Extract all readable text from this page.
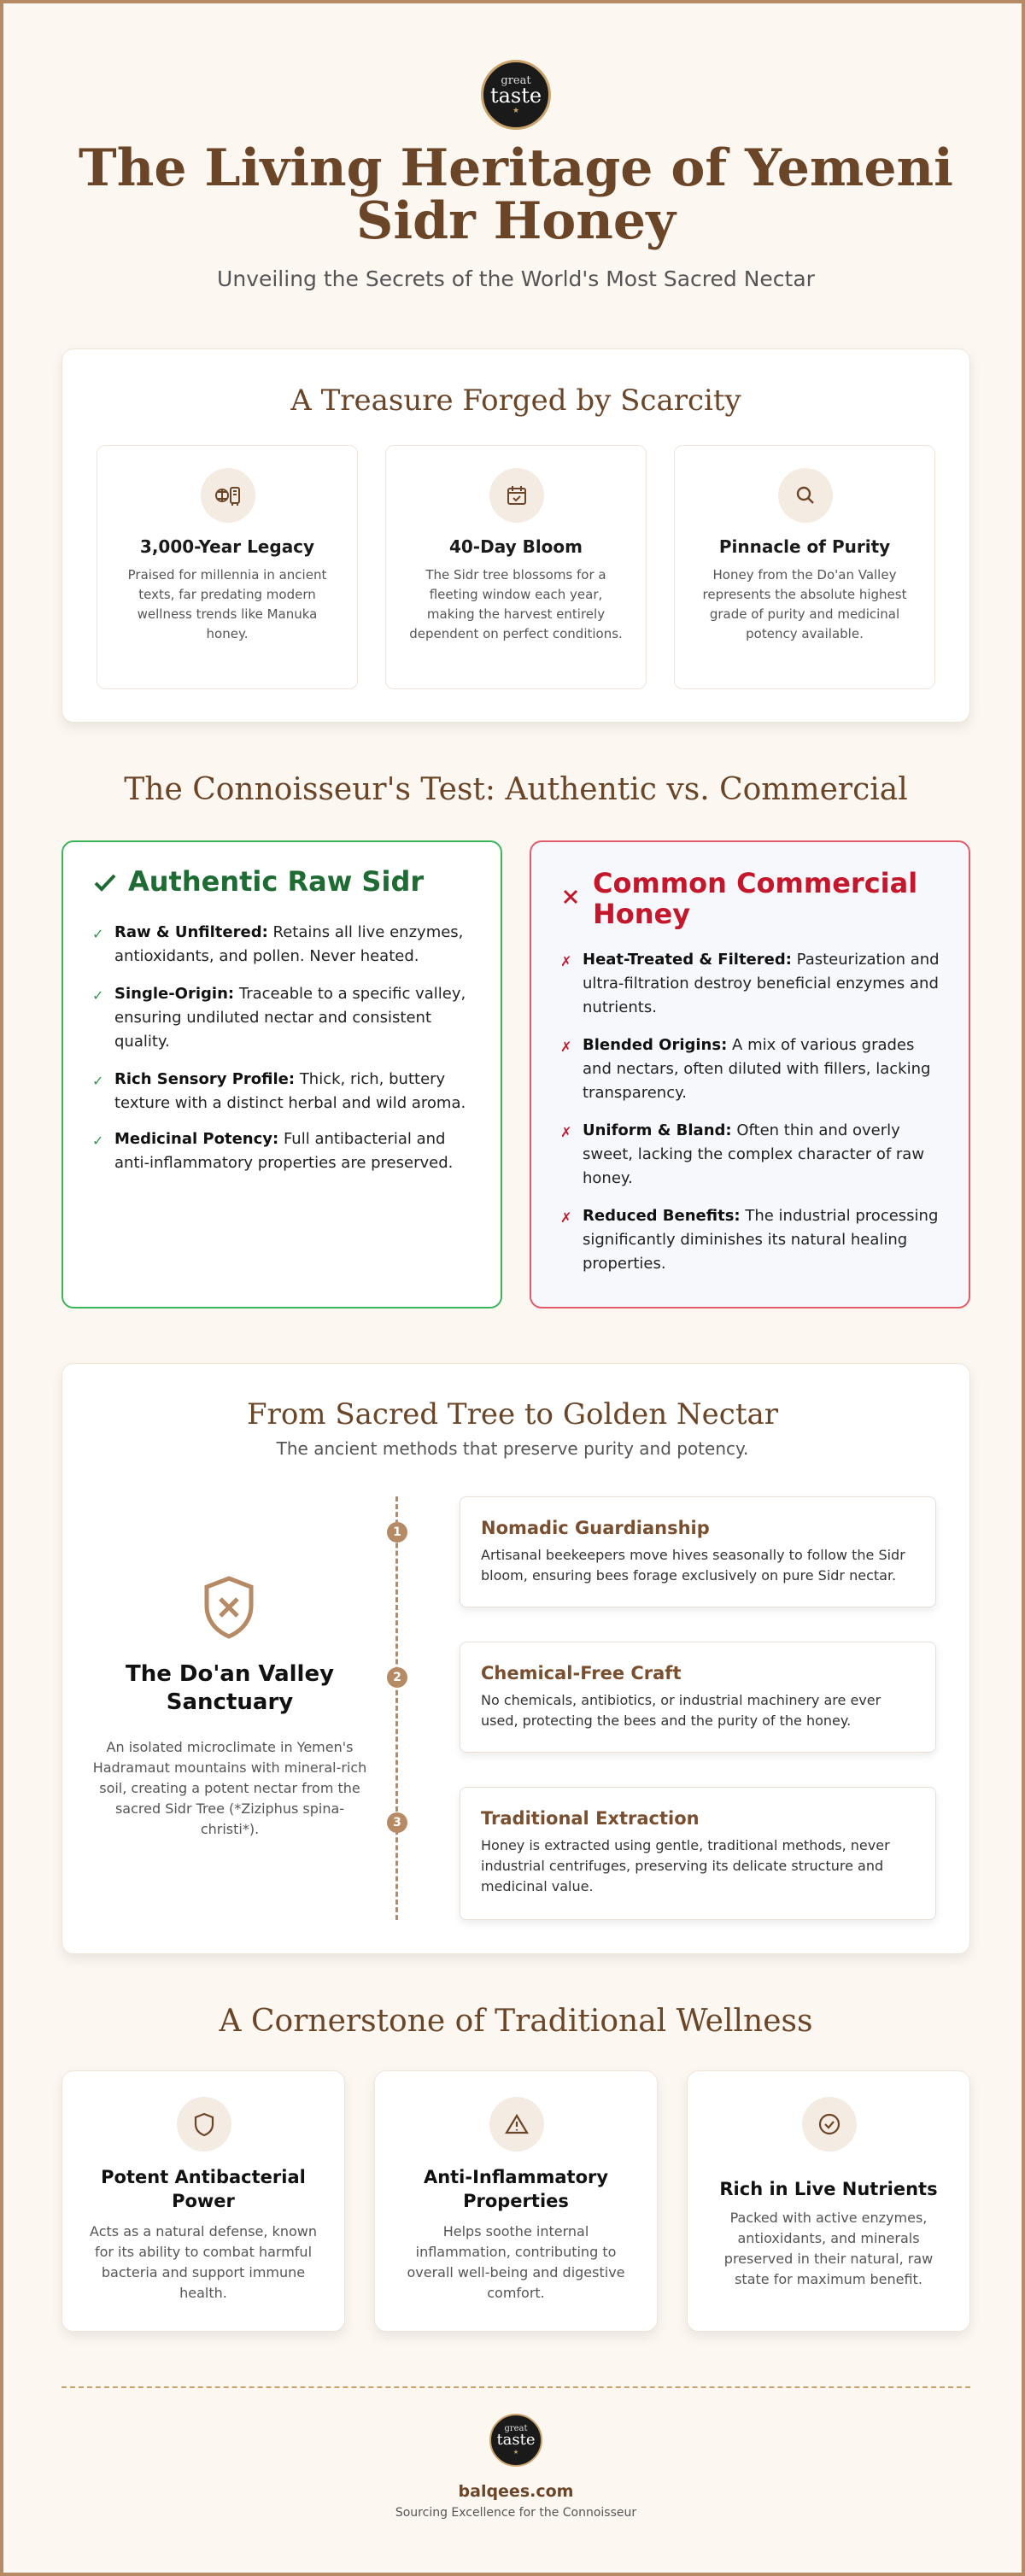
great
taste
★
The Living Heritage of Yemeni Sidr Honey
Unveiling the Secrets of the World's Most Sacred Nectar
A Treasure Forged by Scarcity
3,000-Year Legacy
Praised for millennia in ancient texts, far predating modern wellness trends like Manuka honey.
40-Day Bloom
The Sidr tree blossoms for a fleeting window each year, making the harvest entirely dependent on perfect conditions.
Pinnacle of Purity
Honey from the Do'an Valley represents the absolute highest grade of purity and medicinal potency available.
The Connoisseur's Test: Authentic vs. Commercial
Authentic Raw Sidr
✓ Raw & Unfiltered: Retains all live enzymes, antioxidants, and pollen. Never heated.
✓ Single-Origin: Traceable to a specific valley, ensuring undiluted nectar and consistent quality.
✓ Rich Sensory Profile: Thick, rich, buttery texture with a distinct herbal and wild aroma.
✓ Medicinal Potency: Full antibacterial and anti-inflammatory properties are preserved.
Common Commercial Honey
✗ Heat-Treated & Filtered: Pasteurization and ultra-filtration destroy beneficial enzymes and nutrients.
✗ Blended Origins: A mix of various grades and nectars, often diluted with fillers, lacking transparency.
✗ Uniform & Bland: Often thin and overly sweet, lacking the complex character of raw honey.
✗ Reduced Benefits: The industrial processing significantly diminishes its natural healing properties.
From Sacred Tree to Golden Nectar
The ancient methods that preserve purity and potency.
The Do'an Valley Sanctuary
An isolated microclimate in Yemen's Hadramaut mountains with mineral-rich soil, creating a potent nectar from the sacred Sidr Tree (*Ziziphus spina-christi*).
1	Nomadic Guardianship
Artisanal beekeepers move hives seasonally to follow the Sidr bloom, ensuring bees forage exclusively on pure Sidr nectar.
2	Chemical-Free Craft
No chemicals, antibiotics, or industrial machinery are ever used, protecting the bees and the purity of the honey.
3	Traditional Extraction
Honey is extracted using gentle, traditional methods, never industrial centrifuges, preserving its delicate structure and medicinal value.
A Cornerstone of Traditional Wellness
Potent Antibacterial Power
Acts as a natural defense, known for its ability to combat harmful bacteria and support immune health.
Anti-Inflammatory Properties
Helps soothe internal inflammation, contributing to overall well-being and digestive comfort.
Rich in Live Nutrients
Packed with active enzymes, antioxidants, and minerals preserved in their natural, raw state for maximum benefit.
great
taste
★
balqees.com
Sourcing Excellence for the Connoisseur
